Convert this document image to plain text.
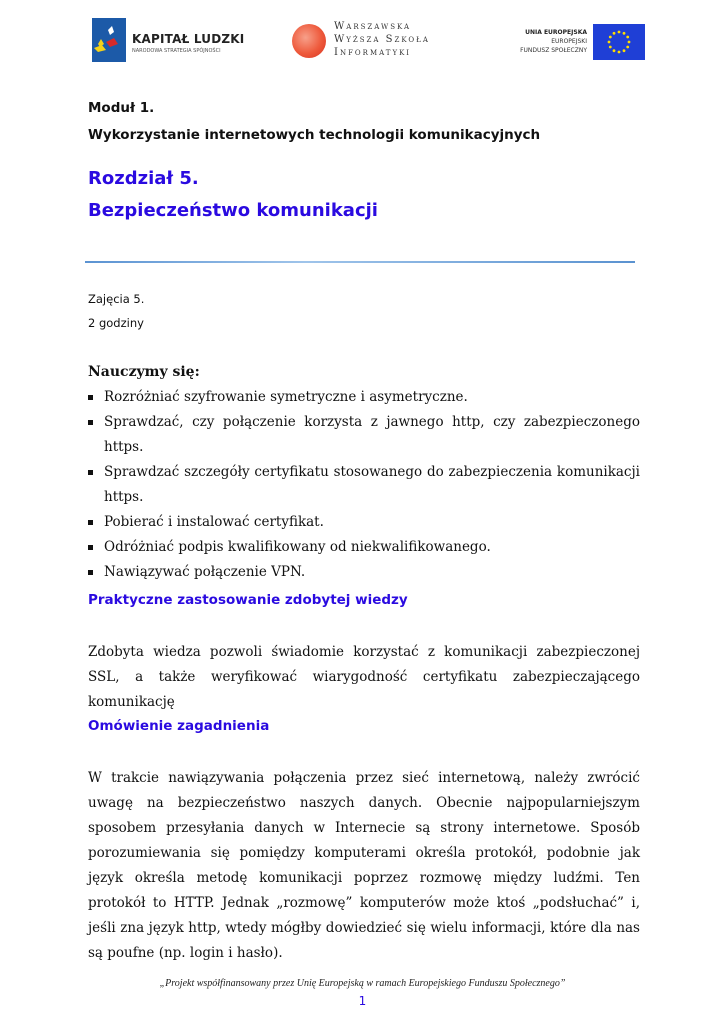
KAPITAŁ LUDZKI
NARODOWA STRATEGIA SPÓJNOŚCI
Warszawska
Wyższa Szkoła
Informatyki
UNIA EUROPEJSKA
EUROPEJSKI
FUNDUSZ SPOŁECZNY
Moduł 1.
Wykorzystanie internetowych technologii komunikacyjnych
Rozdział 5.
Bezpieczeństwo komunikacji
Zajęcia 5.
2 godziny
Nauczymy się:
Rozróżniać szyfrowanie symetryczne i asymetryczne.
Sprawdzać, czy połączenie korzysta z jawnego http, czy zabezpieczonego https.
Sprawdzać szczegóły certyfikatu stosowanego do zabezpieczenia komunikacji https.
Pobierać i instalować certyfikat.
Odróżniać podpis kwalifikowany od niekwalifikowanego.
Nawiązywać połączenie VPN.
Praktyczne zastosowanie zdobytej wiedzy
Zdobyta wiedza pozwoli świadomie korzystać z komunikacji zabezpieczonej SSL, a także weryfikować wiarygodność certyfikatu zabezpieczającego komunikację
Omówienie zagadnienia
W trakcie nawiązywania połączenia przez sieć internetową, należy zwrócić uwagę na bezpieczeństwo naszych danych. Obecnie najpopularniejszym sposobem przesyłania danych w Internecie są strony internetowe. Sposób porozumiewania się pomiędzy komputerami określa protokół, podobnie jak język określa metodę komunikacji poprzez rozmowę między ludźmi. Ten protokół to HTTP. Jednak „rozmowę” komputerów może ktoś „podsłuchać” i, jeśli zna język http, wtedy mógłby dowiedzieć się wielu informacji, które dla nas są poufne (np. login i hasło).
„Projekt współfinansowany przez Unię Europejską w ramach Europejskiego Funduszu Społecznego”
1
